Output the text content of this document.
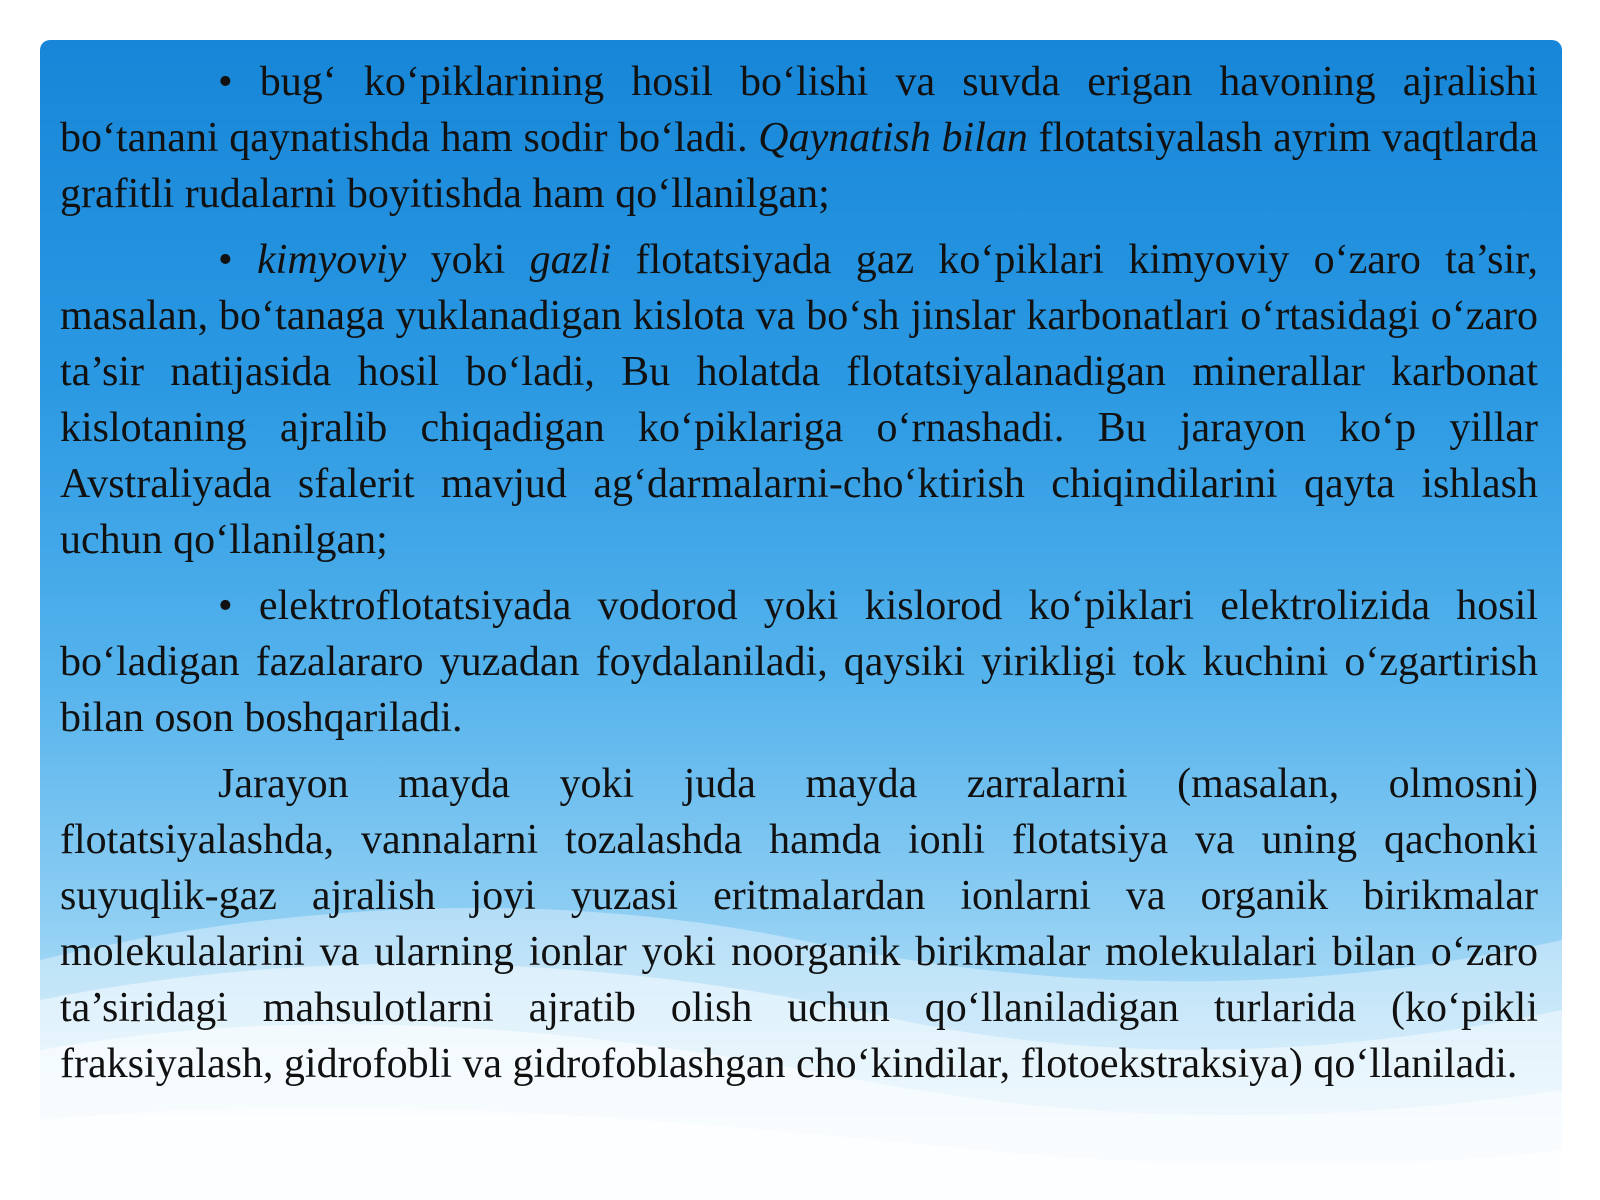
• bug‘ ko‘piklarining hosil bo‘lishi va suvda erigan havoning ajralishi bo‘tanani qaynatishda ham sodir bo‘ladi. Qaynatish bilan flotatsiyalash ayrim vaqtlarda grafitli rudalarni boyitishda ham qo‘llanilgan;

• kimyoviy yoki gazli flotatsiyada gaz ko‘piklari kimyoviy o‘zaro ta’sir, masalan, bo‘tanaga yuklanadigan kislota va bo‘sh jinslar karbonatlari o‘rtasidagi o‘zaro ta’sir natijasida hosil bo‘ladi, Bu holatda flotatsiyalanadigan minerallar karbonat kislotaning ajralib chiqadigan ko‘piklariga o‘rnashadi. Bu jarayon ko‘p yillar Avstraliyada sfalerit mavjud ag‘darmalarni-cho‘ktirish chiqindilarini qayta ishlash uchun qo‘llanilgan;

• elektroflotatsiyada vodorod yoki kislorod ko‘piklari elektrolizida hosil bo‘ladigan fazalararo yuzadan foydalaniladi, qaysiki yirikligi tok kuchini o‘zgartirish bilan oson boshqariladi.

Jarayon mayda yoki juda mayda zarralarni (masalan, olmosni) flotatsiyalashda, vannalarni tozalashda hamda ionli flotatsiya va uning qachonki suyuqlik-gaz ajralish joyi yuzasi eritmalardan ionlarni va organik birikmalar molekulalarini va ularning ionlar yoki noorganik birikmalar molekulalari bilan o‘zaro ta’siridagi mahsulotlarni ajratib olish uchun qo‘llaniladigan turlarida (ko‘pikli fraksiyalash, gidrofobli va gidrofoblashgan cho‘kindilar, flotoekstraksiya) qo‘llaniladi.
